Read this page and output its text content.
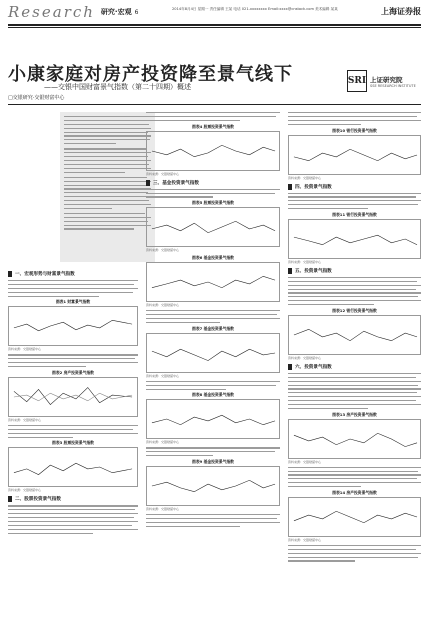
Research 研究·宏观 6	2014年8月4日 星期一 责任编辑 王某 电话 021-xxxxxxxx Email:xxxx@cnstock.com 美术编辑 某某	上海证券报
小康家庭对房产投资降至景气线下
——交银中国财富景气指数（第二十四期）概述
□交银研究·交银财富中心
SRI 上证研究院
SSE RESEARCH INSTITUTE
一、宏观形势与财富景气指数
图表1 财富景气指数
资料来源：交银财富中心
图表2 房产投资景气指数
资料来源：交银财富中心
图表3 股票投资景气指数
资料来源：交银财富中心
二、股票投资景气指数
图表4 股票投资景气指数
资料来源：交银财富中心
三、基金投资景气指数
图表5 股票投资景气指数
资料来源：交银财富中心
图表6 基金投资景气指数
资料来源：交银财富中心
图表7 基金投资景气指数
资料来源：交银财富中心
图表8 基金投资景气指数
资料来源：交银财富中心
图表9 基金投资景气指数
资料来源：交银财富中心
图表10 银行投资景气指数
资料来源：交银财富中心
四、投资景气指数
图表11 银行投资景气指数
资料来源：交银财富中心
五、投资景气指数
图表12 银行投资景气指数
资料来源：交银财富中心
六、投资景气指数
图表13 房产投资景气指数
资料来源：交银财富中心
图表14 房产投资景气指数
资料来源：交银财富中心
